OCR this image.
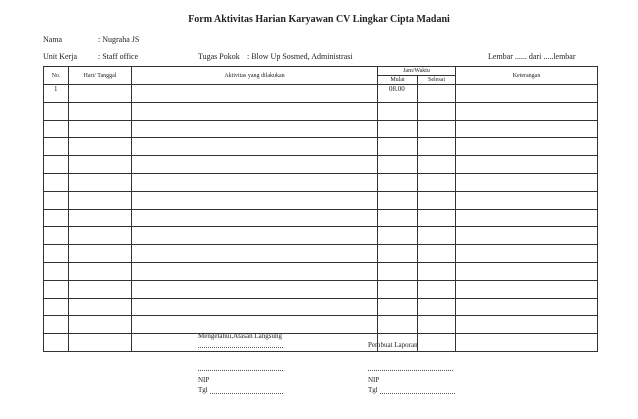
Form Aktivitas Harian Karyawan CV Lingkar Cipta Madani
Nama	: Nugraha JS
Unit Kerja	: Staff office	Tugas Pokok : Blow Up Sosmed, Administrasi	Lembar ...... dari .....lembar
No.	Hari/ Tanggal	Aktivitas yang dilakukan	Jam/Waktu		Keterangan
			Mulai	Selesai	
1			08.00		

Mengetahui,Atasan Langsung
Pembuat Laporan
NIP	NIP
Tgl	Tgl
